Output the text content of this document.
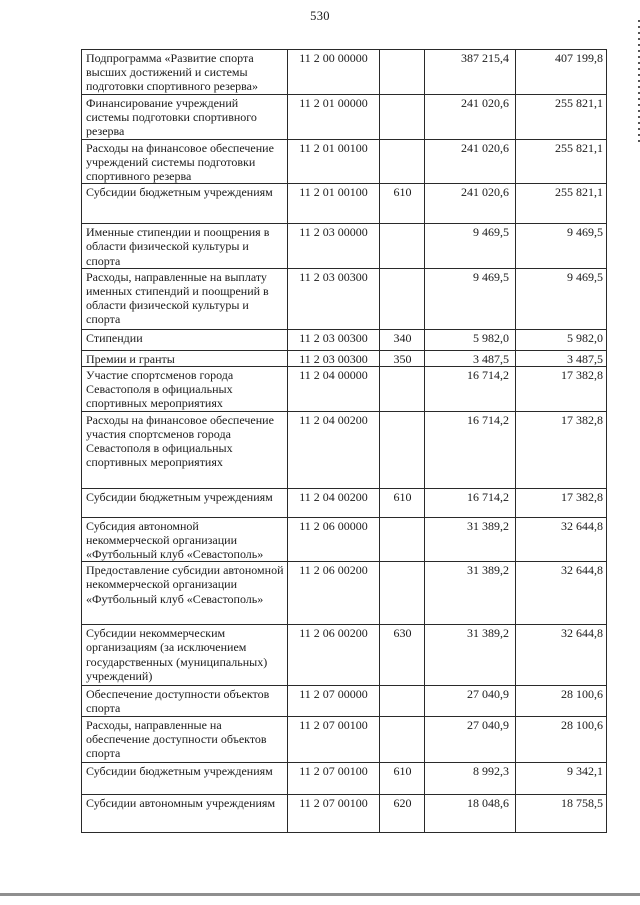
530
Подпрограмма «Развитие спорта высших достижений и системы подготовки спортивного резерва»	11 2 00 00000		387 215,4	407 199,8
Финансирование учреждений системы подготовки спортивного резерва	11 2 01 00000		241 020,6	255 821,1
Расходы на финансовое обеспечение учреждений системы подготовки спортивного резерва	11 2 01 00100		241 020,6	255 821,1
Субсидии бюджетным учреждениям	11 2 01 00100	610	241 020,6	255 821,1
Именные стипендии и поощрения в области физической культуры и спорта	11 2 03 00000		9 469,5	9 469,5
Расходы, направленные на выплату именных стипендий и поощрений в области физической культуры и спорта	11 2 03 00300		9 469,5	9 469,5
Стипендии	11 2 03 00300	340	5 982,0	5 982,0
Премии и гранты	11 2 03 00300	350	3 487,5	3 487,5
Участие спортсменов города Севастополя в официальных спортивных мероприятиях	11 2 04 00000		16 714,2	17 382,8
Расходы на финансовое обеспечение участия спортсменов города Севастополя в официальных спортивных мероприятиях	11 2 04 00200		16 714,2	17 382,8
Субсидии бюджетным учреждениям	11 2 04 00200	610	16 714,2	17 382,8
Субсидия автономной некоммерческой организации «Футбольный клуб «Севастополь»	11 2 06 00000		31 389,2	32 644,8
Предоставление субсидии автономной некоммерческой организации «Футбольный клуб «Севастополь»	11 2 06 00200		31 389,2	32 644,8
Субсидии некоммерческим организациям (за исключением государственных (муниципальных) учреждений)	11 2 06 00200	630	31 389,2	32 644,8
Обеспечение доступности объектов спорта	11 2 07 00000		27 040,9	28 100,6
Расходы, направленные на обеспечение доступности объектов спорта	11 2 07 00100		27 040,9	28 100,6
Субсидии бюджетным учреждениям	11 2 07 00100	610	8 992,3	9 342,1
Субсидии автономным учреждениям	11 2 07 00100	620	18 048,6	18 758,5
